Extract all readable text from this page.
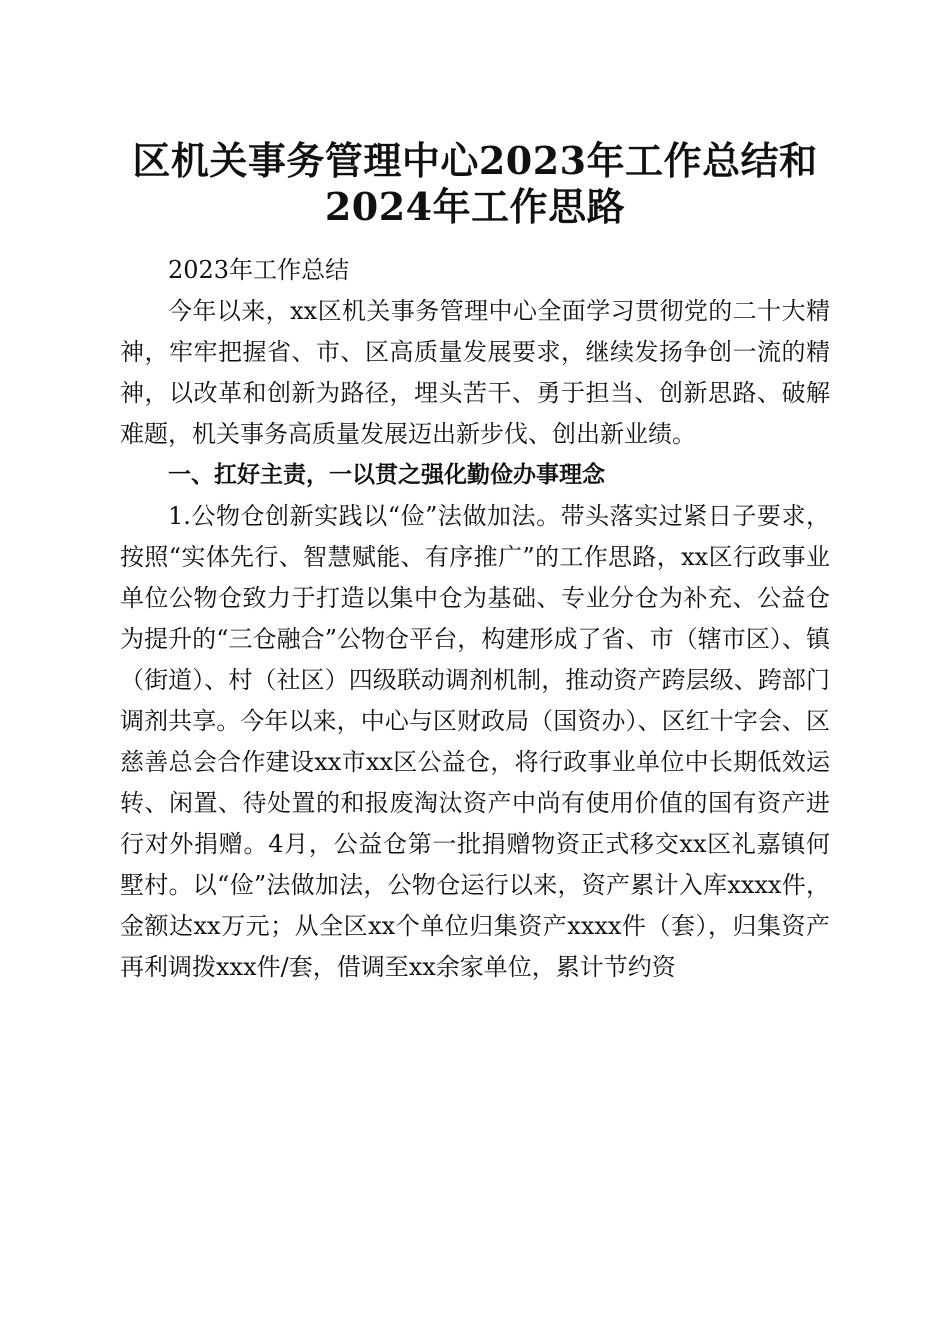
区机关事务管理中心2023年工作总结和2024年工作思路

2023年工作总结

今年以来，xx区机关事务管理中心全面学习贯彻党的二十大精神，牢牢把握省、市、区高质量发展要求，继续发扬争创一流的精神，以改革和创新为路径，埋头苦干、勇于担当、创新思路、破解难题，机关事务高质量发展迈出新步伐、创出新业绩。

一、扛好主责，一以贯之强化勤俭办事理念

1.公物仓创新实践以“俭”法做加法。带头落实过紧日子要求，按照“实体先行、智慧赋能、有序推广”的工作思路，xx区行政事业单位公物仓致力于打造以集中仓为基础、专业分仓为补充、公益仓为提升的“三仓融合”公物仓平台，构建形成了省、市（辖市区）、镇（街道）、村（社区）四级联动调剂机制，推动资产跨层级、跨部门调剂共享。今年以来，中心与区财政局（国资办）、区红十字会、区慈善总会合作建设xx市xx区公益仓，将行政事业单位中长期低效运转、闲置、待处置的和报废淘汰资产中尚有使用价值的国有资产进行对外捐赠。4月，公益仓第一批捐赠物资正式移交xx区礼嘉镇何墅村。以“俭”法做加法，公物仓运行以来，资产累计入库xxxx件，金额达xx万元；从全区xx个单位归集资产xxxx件（套），归集资产再利调拨xxx件/套，借调至xx余家单位，累计节约资
